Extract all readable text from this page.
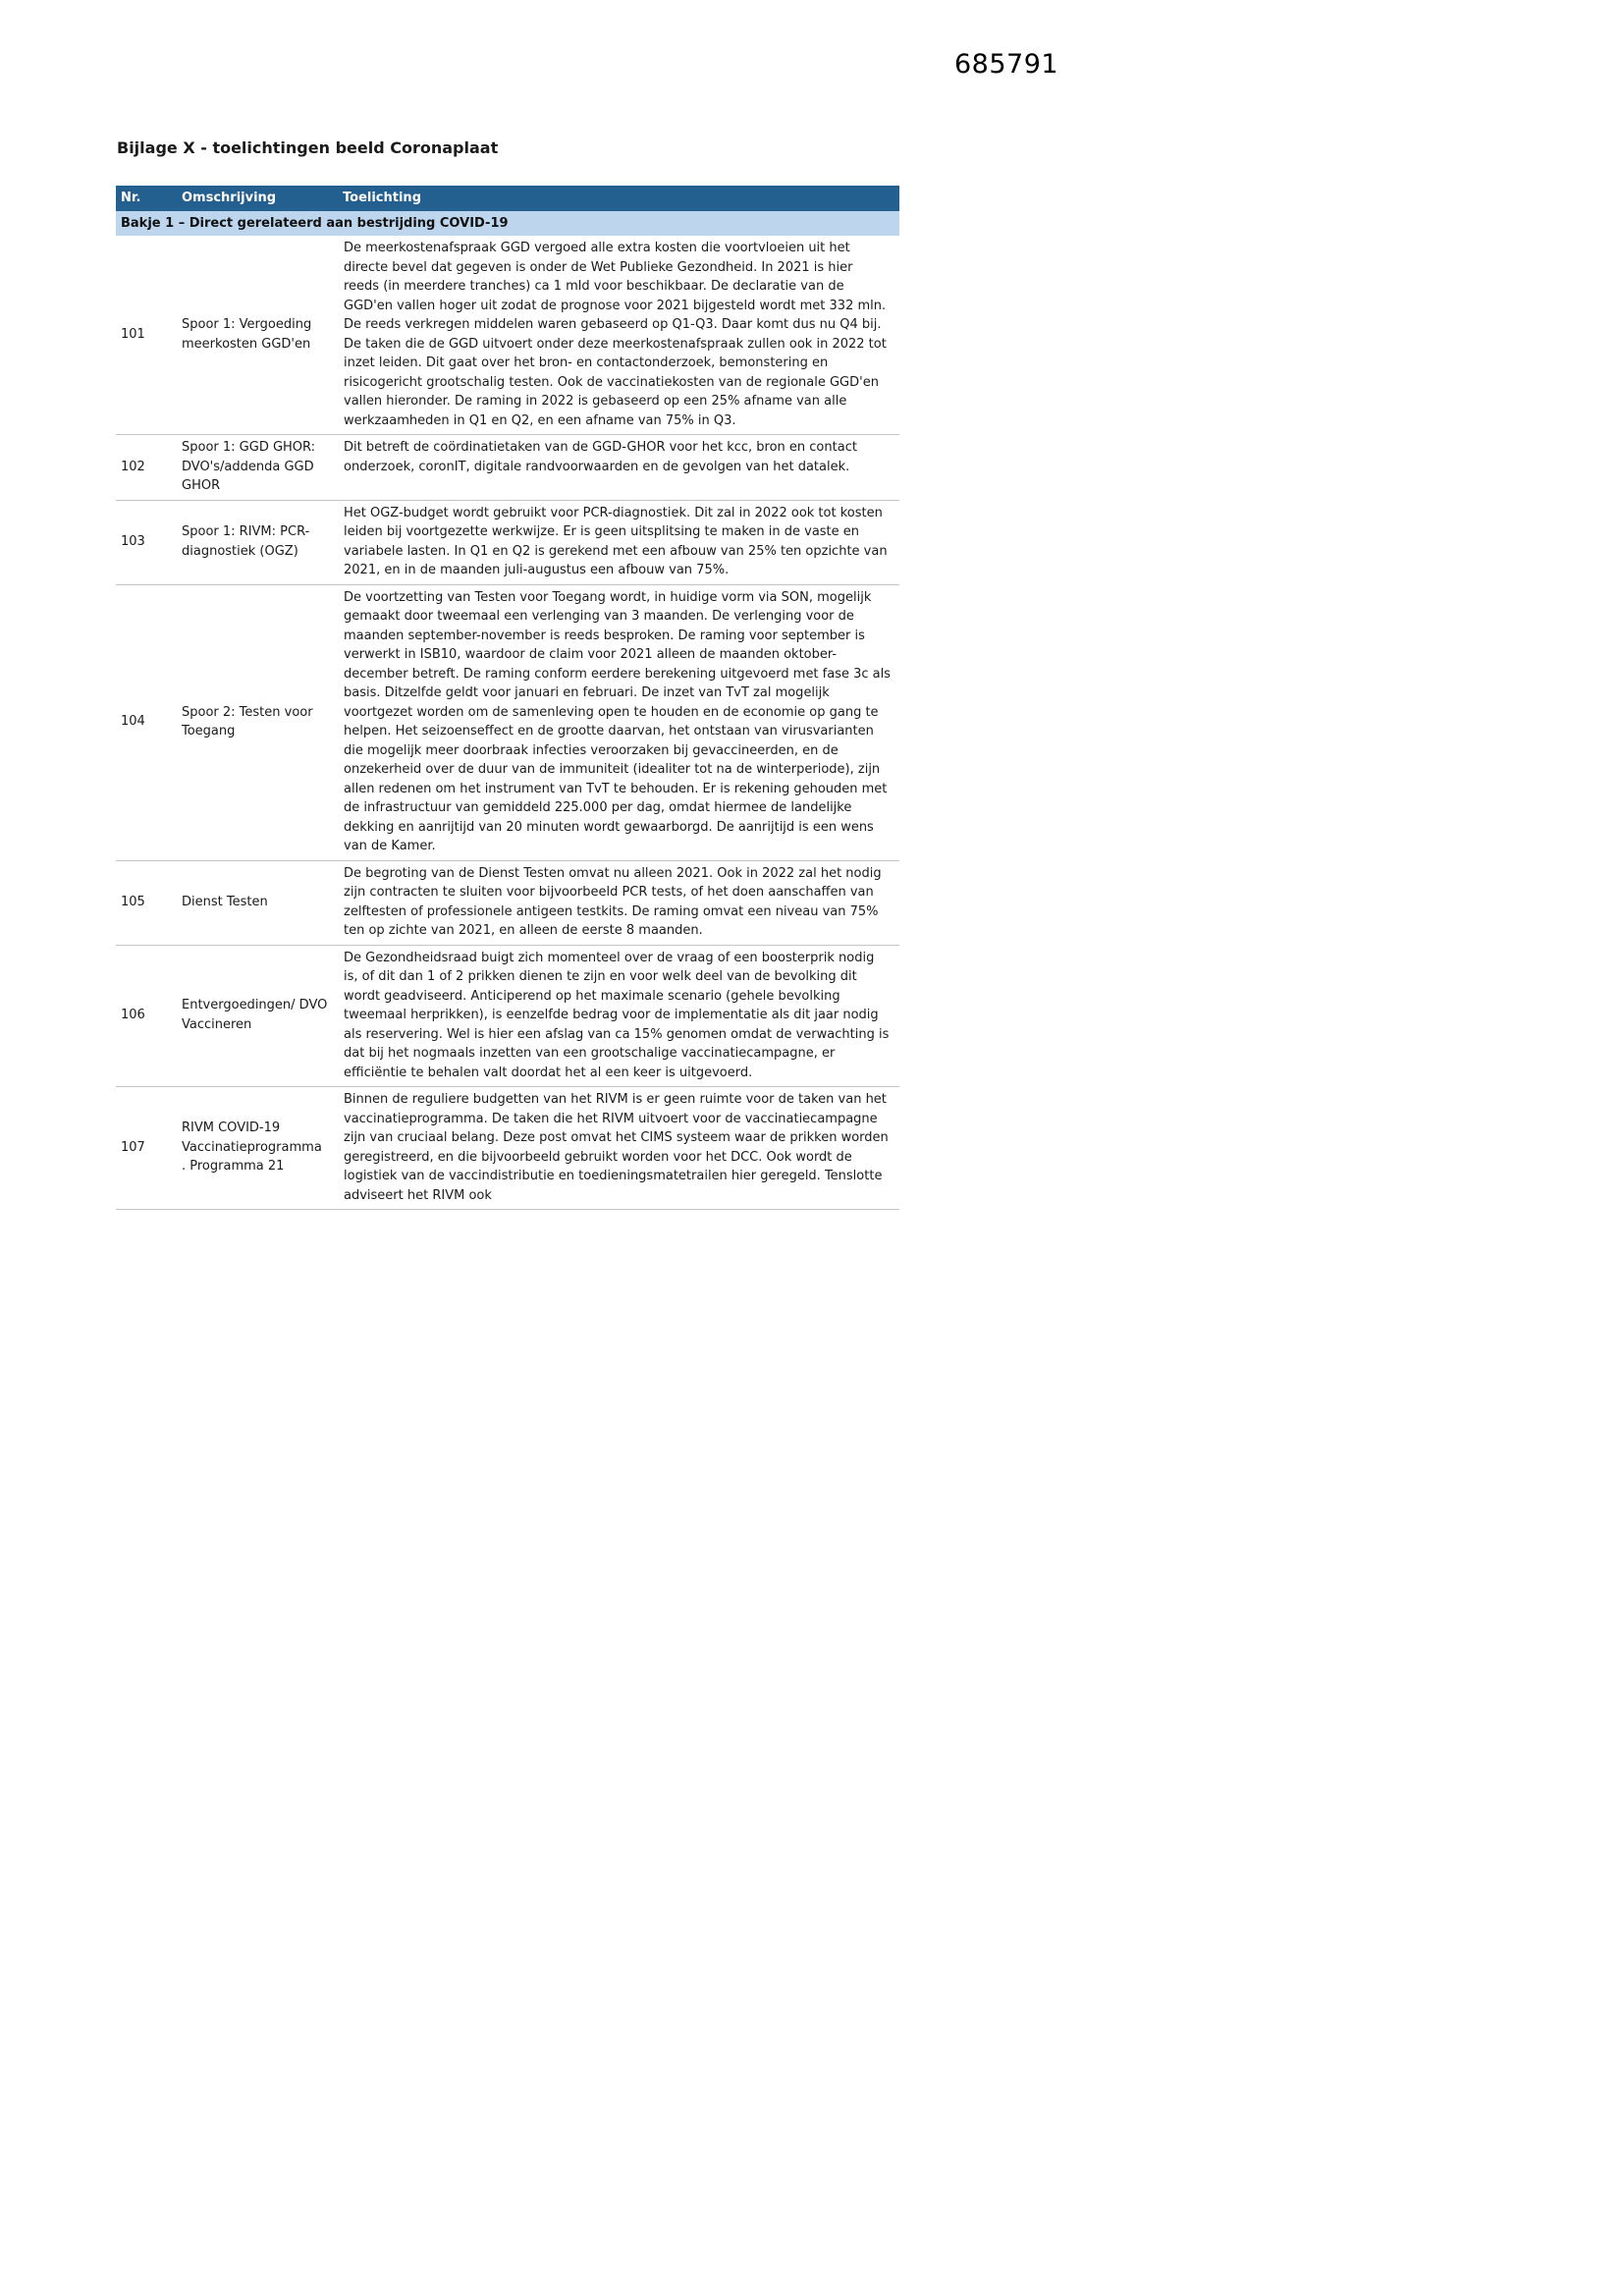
685791
Bijlage X - toelichtingen beeld Coronaplaat
Nr.	Omschrijving	Toelichting
Bakje 1 – Direct gerelateerd aan bestrijding COVID-19		
101	Spoor 1: Vergoeding meerkosten GGD'en	De meerkostenafspraak GGD vergoed alle extra kosten die voortvloeien uit het directe bevel dat gegeven is onder de Wet Publieke Gezondheid. In 2021 is hier reeds (in meerdere tranches) ca 1 mld voor beschikbaar. De declaratie van de GGD'en vallen hoger uit zodat de prognose voor 2021 bijgesteld wordt met 332 mln. De reeds verkregen middelen waren gebaseerd op Q1-Q3. Daar komt dus nu Q4 bij. De taken die de GGD uitvoert onder deze meerkostenafspraak zullen ook in 2022 tot inzet leiden. Dit gaat over het bron- en contactonderzoek, bemonstering en risicogericht grootschalig testen. Ook de vaccinatiekosten van de regionale GGD'en vallen hieronder. De raming in 2022 is gebaseerd op een 25% afname van alle werkzaamheden in Q1 en Q2, en een afname van 75% in Q3.
102	Spoor 1: GGD GHOR: DVO's/addenda GGD GHOR	Dit betreft de coördinatietaken van de GGD-GHOR voor het kcc, bron en contact onderzoek, coronIT, digitale randvoorwaarden en de gevolgen van het datalek.
103	Spoor 1: RIVM: PCR-diagnostiek (OGZ)	Het OGZ-budget wordt gebruikt voor PCR-diagnostiek. Dit zal in 2022 ook tot kosten leiden bij voortgezette werkwijze. Er is geen uitsplitsing te maken in de vaste en variabele lasten. In Q1 en Q2 is gerekend met een afbouw van 25% ten opzichte van 2021, en in de maanden juli-augustus een afbouw van 75%.
104	Spoor 2: Testen voor Toegang	De voortzetting van Testen voor Toegang wordt, in huidige vorm via SON, mogelijk gemaakt door tweemaal een verlenging van 3 maanden. De verlenging voor de maanden september-november is reeds besproken. De raming voor september is verwerkt in ISB10, waardoor de claim voor 2021 alleen de maanden oktober-december betreft. De raming conform eerdere berekening uitgevoerd met fase 3c als basis. Ditzelfde geldt voor januari en februari. De inzet van TvT zal mogelijk voortgezet worden om de samenleving open te houden en de economie op gang te helpen. Het seizoenseffect en de grootte daarvan, het ontstaan van virusvarianten die mogelijk meer doorbraak infecties veroorzaken bij gevaccineerden, en de onzekerheid over de duur van de immuniteit (idealiter tot na de winterperiode), zijn allen redenen om het instrument van TvT te behouden. Er is rekening gehouden met de infrastructuur van gemiddeld 225.000 per dag, omdat hiermee de landelijke dekking en aanrijtijd van 20 minuten wordt gewaarborgd. De aanrijtijd is een wens van de Kamer.
105	Dienst Testen	De begroting van de Dienst Testen omvat nu alleen 2021. Ook in 2022 zal het nodig zijn contracten te sluiten voor bijvoorbeeld PCR tests, of het doen aanschaffen van zelftesten of professionele antigeen testkits. De raming omvat een niveau van 75% ten op zichte van 2021, en alleen de eerste 8 maanden.
106	Entvergoedingen/ DVO Vaccineren	De Gezondheidsraad buigt zich momenteel over de vraag of een boosterprik nodig is, of dit dan 1 of 2 prikken dienen te zijn en voor welk deel van de bevolking dit wordt geadviseerd. Anticiperend op het maximale scenario (gehele bevolking tweemaal herprikken), is eenzelfde bedrag voor de implementatie als dit jaar nodig als reservering. Wel is hier een afslag van ca 15% genomen omdat de verwachting is dat bij het nogmaals inzetten van een grootschalige vaccinatiecampagne, er efficiëntie te behalen valt doordat het al een keer is uitgevoerd.
107	RIVM COVID-19 Vaccinatieprogramma . Programma 21	Binnen de reguliere budgetten van het RIVM is er geen ruimte voor de taken van het vaccinatieprogramma. De taken die het RIVM uitvoert voor de vaccinatiecampagne zijn van cruciaal belang. Deze post omvat het CIMS systeem waar de prikken worden geregistreerd, en die bijvoorbeeld gebruikt worden voor het DCC. Ook wordt de logistiek van de vaccindistributie en toedieningsmatetrailen hier geregeld. Tenslotte adviseert het RIVM ook
